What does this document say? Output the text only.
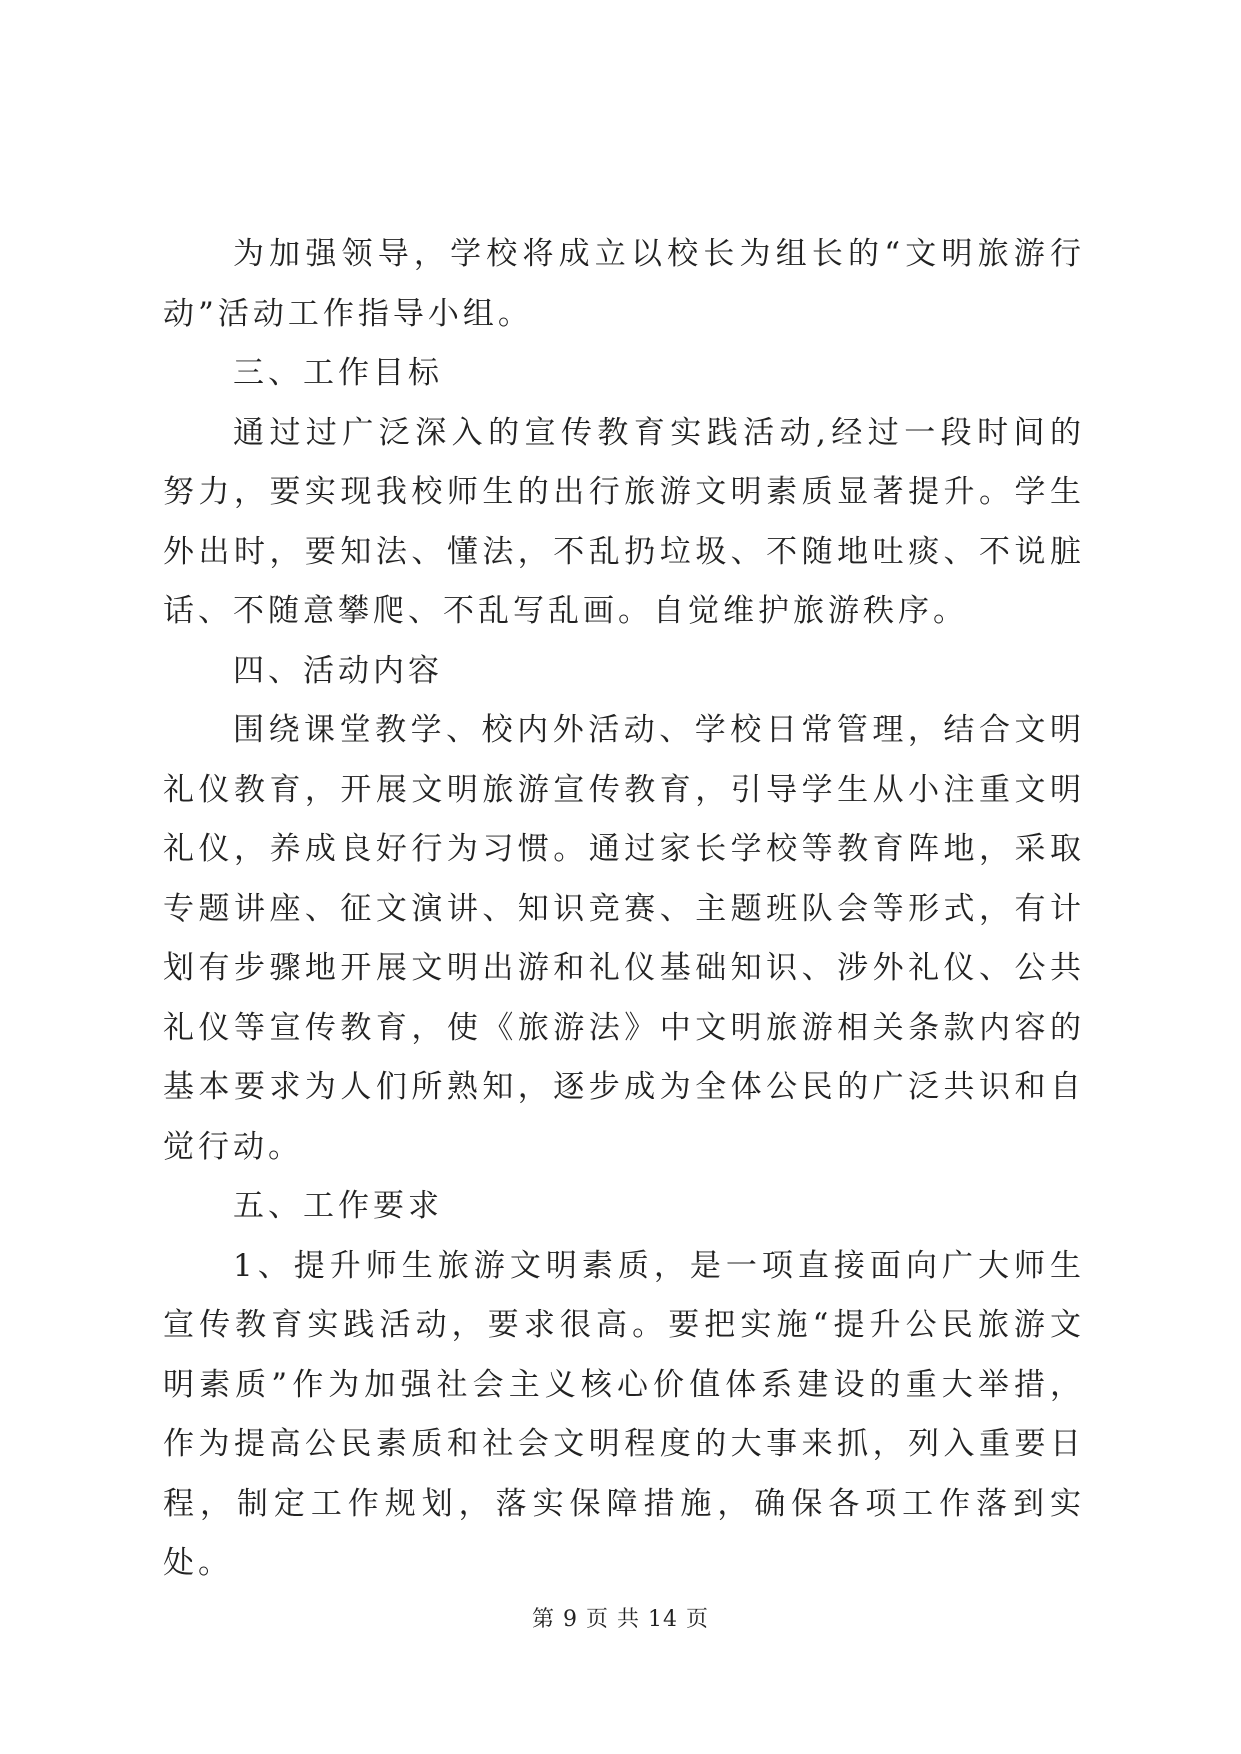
为加强领导，学校将成立以校长为组长的“文明旅游行动”活动工作指导小组。

三、工作目标

通过过广泛深入的宣传教育实践活动,经过一段时间的努力，要实现我校师生的出行旅游文明素质显著提升。学生外出时，要知法、懂法，不乱扔垃圾、不随地吐痰、不说脏话、不随意攀爬、不乱写乱画。自觉维护旅游秩序。

四、活动内容

围绕课堂教学、校内外活动、学校日常管理，结合文明礼仪教育，开展文明旅游宣传教育，引导学生从小注重文明礼仪，养成良好行为习惯。通过家长学校等教育阵地，采取专题讲座、征文演讲、知识竞赛、主题班队会等形式，有计划有步骤地开展文明出游和礼仪基础知识、涉外礼仪、公共礼仪等宣传教育，使《旅游法》中文明旅游相关条款内容的基本要求为人们所熟知，逐步成为全体公民的广泛共识和自觉行动。

五、工作要求

1、提升师生旅游文明素质，是一项直接面向广大师生宣传教育实践活动，要求很高。要把实施“提升公民旅游文明素质”作为加强社会主义核心价值体系建设的重大举措，作为提高公民素质和社会文明程度的大事来抓，列入重要日程，制定工作规划，落实保障措施，确保各项工作落到实处。

第 9 页 共 14 页
